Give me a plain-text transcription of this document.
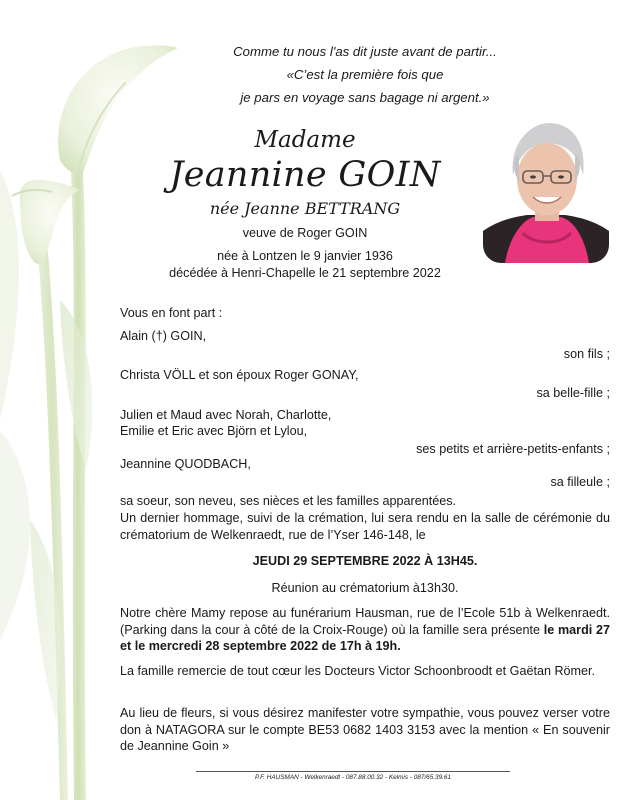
Comme tu nous l'as dit juste avant de partir...
«C’est la première fois que
je pars en voyage sans bagage ni argent.»
Madame
Jeannine GOIN
née Jeanne BETTRANG
veuve de Roger GOIN
née à Lontzen le 9 janvier 1936
décédée à Henri-Chapelle le 21 septembre 2022
Vous en font part :
Alain (†) GOIN,
son fils ;
Christa VÖLL et son époux Roger GONAY,
sa belle-fille ;
Julien et Maud avec Norah, Charlotte,
Emilie et Eric avec Björn et Lylou,
ses petits et arrière-petits-enfants ;
Jeannine QUODBACH,
sa filleule ;
sa soeur, son neveu, ses nièces et les familles apparentées.
Un dernier hommage, suivi de la crémation, lui sera rendu en la salle de cérémonie du crématorium de Welkenraedt, rue de l’Yser 146-148, le
JEUDI 29 SEPTEMBRE 2022 À 13H45.
Réunion au crématorium à13h30.
Notre chère Mamy repose au funérarium Hausman, rue de l’Ecole 51b à Welkenraedt. (Parking dans la cour à côté de la Croix-Rouge) où la famille sera présente le mardi 27 et le mercredi 28 septembre 2022 de 17h à 19h.
La famille remercie de tout cœur les Docteurs Victor Schoonbroodt et Gaëtan Römer.
Au lieu de fleurs, si vous désirez manifester votre sympathie, vous pouvez verser votre don à NATAGORA sur le compte BE53 0682 1403 3153 avec la mention « En souvenir de Jeannine Goin »
P.F. HAUSMAN - Welkenraedt - 087.88.00.32 - Kelmis - 087/65.39.61
